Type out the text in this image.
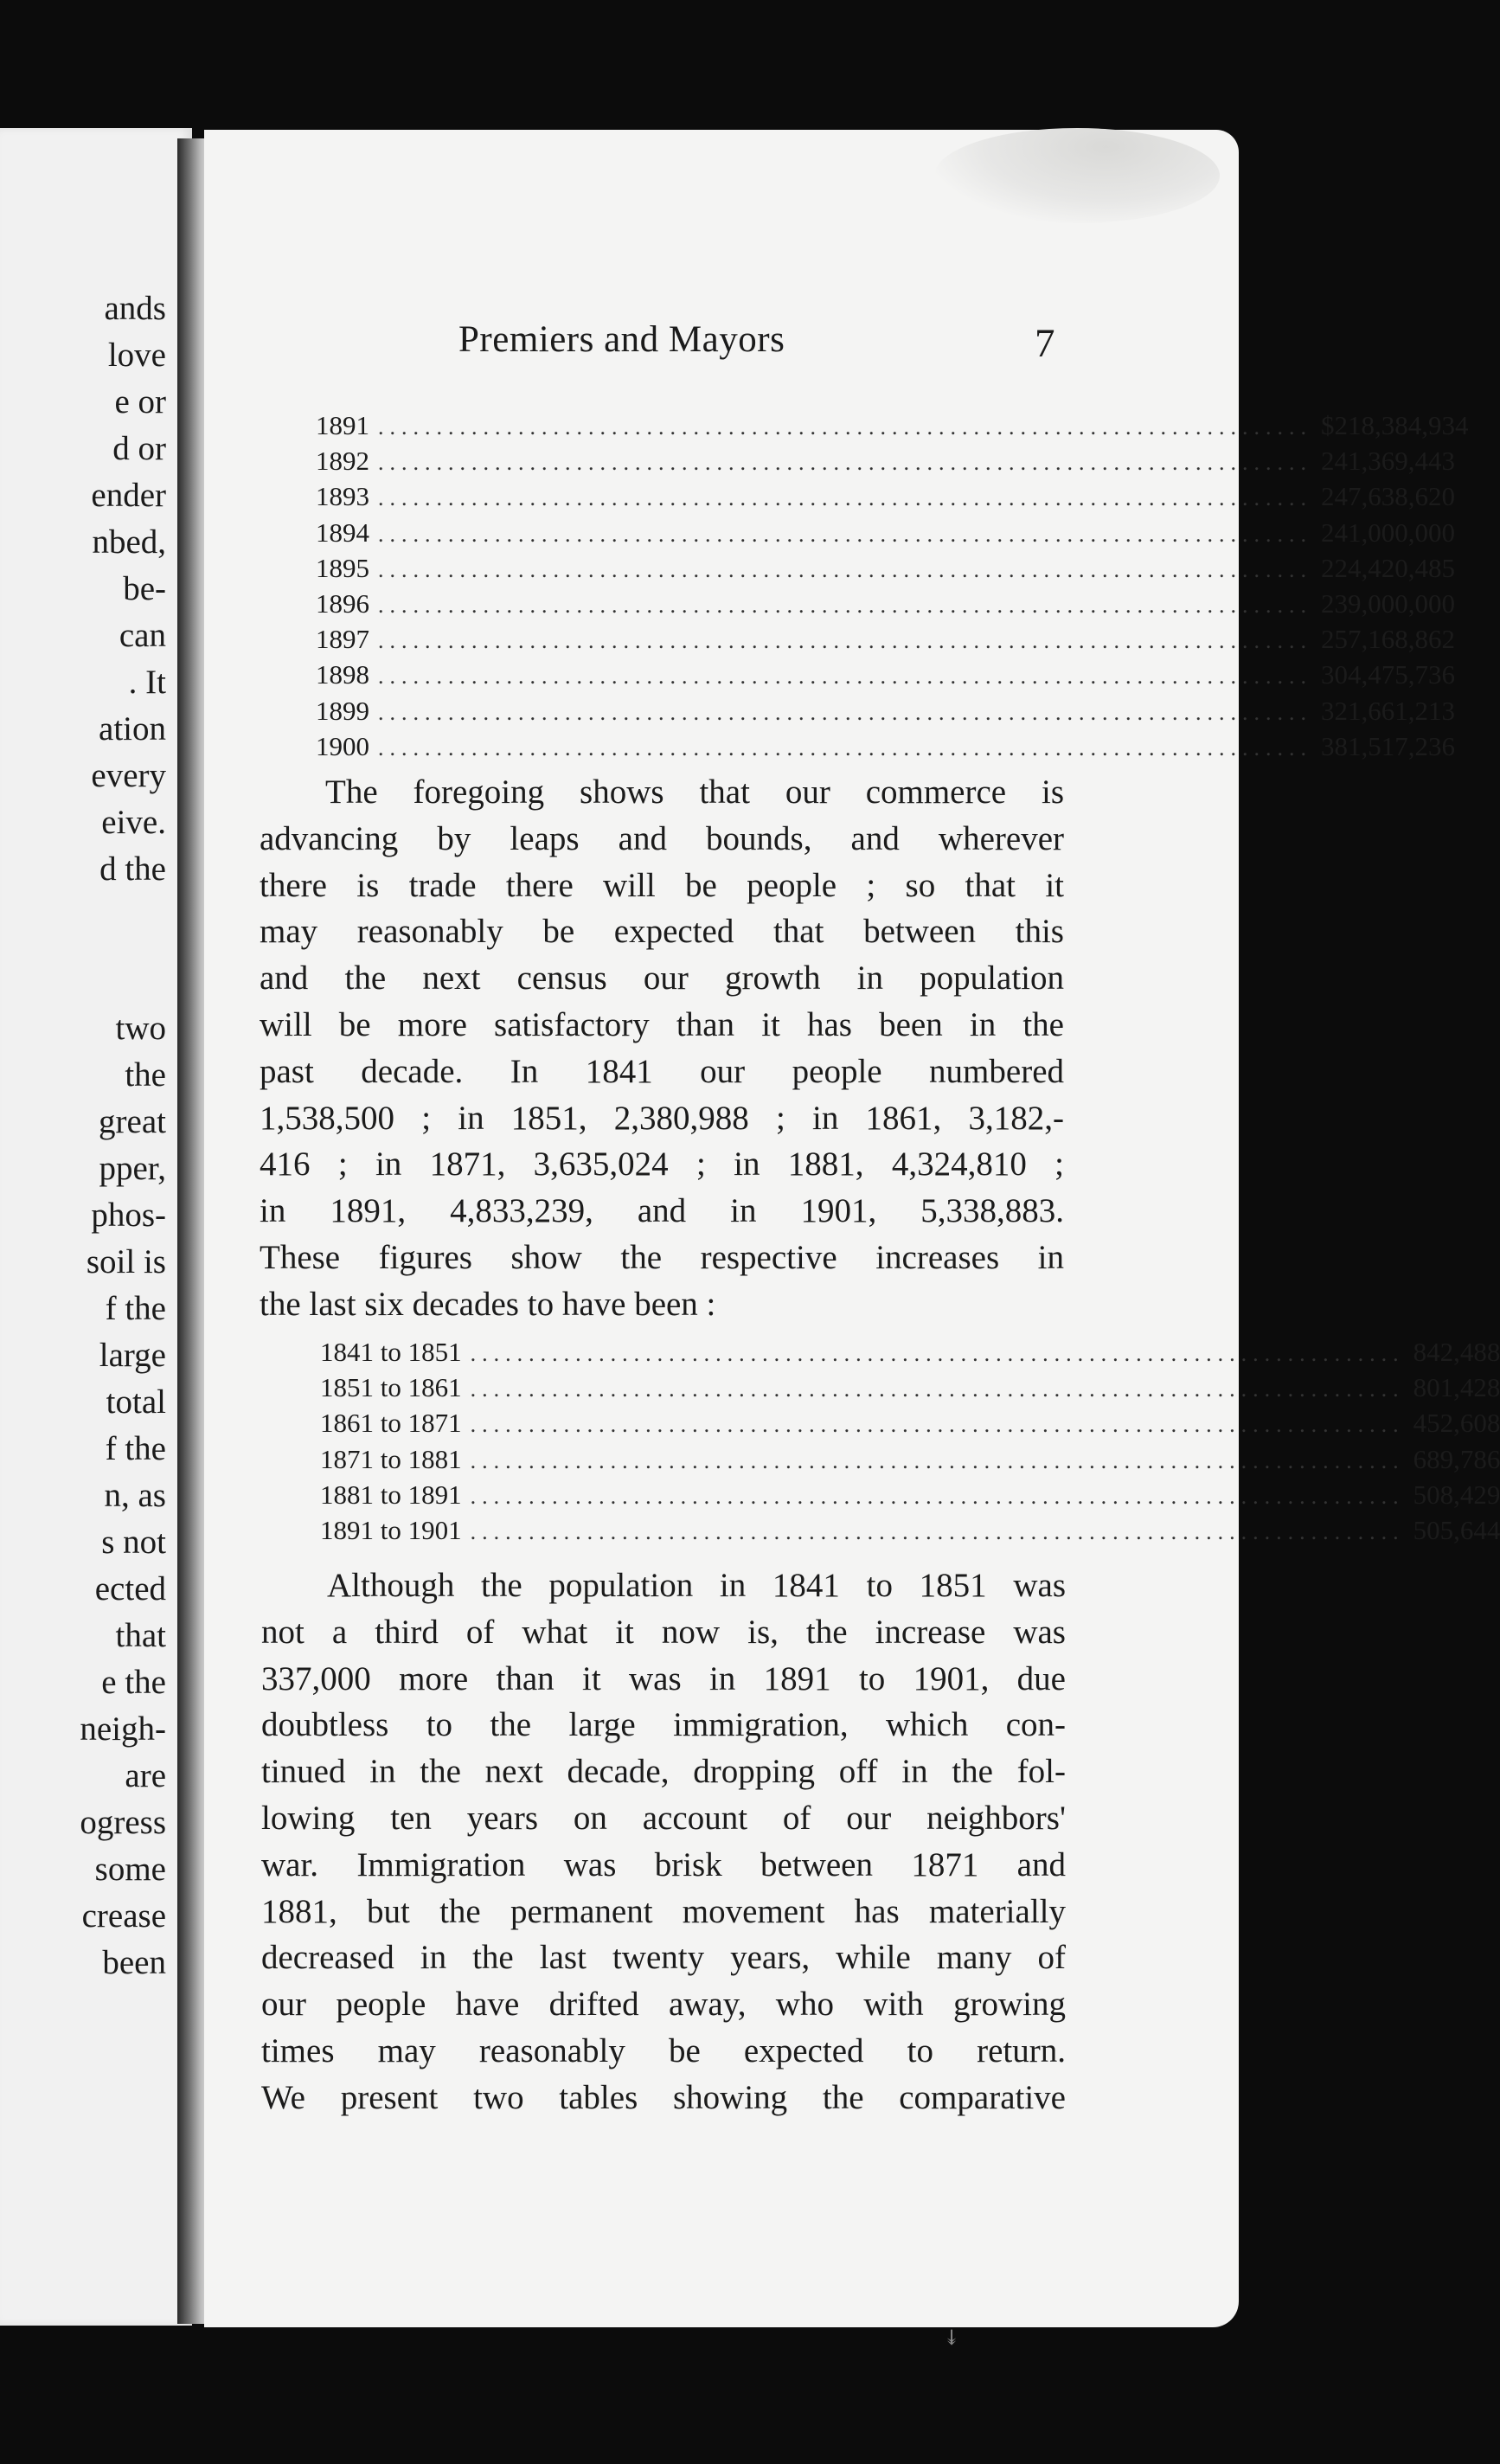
ands
love
e or
d or
ender
nbed,
be-
can
. It
ation
every
eive.
d the
two
the
great
pper,
phos-
soil is
f the
large
total
f the
n, as
s not
ected
that
e the
neigh-
are
ogress
some
crease
been
Premiers and Mayors	7
1891 ................................................................................ $218,384,934
1892 ................................................................................ 241,369,443
1893 ................................................................................ 247,638,620
1894 ................................................................................ 241,000,000
1895 ................................................................................ 224,420,485
1896 ................................................................................ 239,000,000
1897 ................................................................................ 257,168,862
1898 ................................................................................ 304,475,736
1899 ................................................................................ 321,661,213
1900 ................................................................................ 381,517,236
The foregoing shows that our commerce is
advancing by leaps and bounds, and wherever
there is trade there will be people ; so that it
may reasonably be expected that between this
and the next census our growth in population
will be more satisfactory than it has been in the
past decade. In 1841 our people numbered
1,538,500 ; in 1851, 2,380,988 ; in 1861, 3,182,-
416 ; in 1871, 3,635,024 ; in 1881, 4,324,810 ;
in 1891, 4,833,239, and in 1901, 5,338,883.
These figures show the respective increases in
the last six decades to have been :
1841 to 1851 ................................................................................ 842,488
1851 to 1861 ................................................................................ 801,428
1861 to 1871 ................................................................................ 452,608
1871 to 1881 ................................................................................ 689,786
1881 to 1891 ................................................................................ 508,429
1891 to 1901 ................................................................................ 505,644
Although the population in 1841 to 1851 was
not a third of what it now is, the increase was
337,000 more than it was in 1891 to 1901, due
doubtless to the large immigration, which con-
tinued in the next decade, dropping off in the fol-
lowing ten years on account of our neighbors'
war. Immigration was brisk between 1871 and
1881, but the permanent movement has materially
decreased in the last twenty years, while many of
our people have drifted away, who with growing
times may reasonably be expected to return.
We present two tables showing the comparative
↡
